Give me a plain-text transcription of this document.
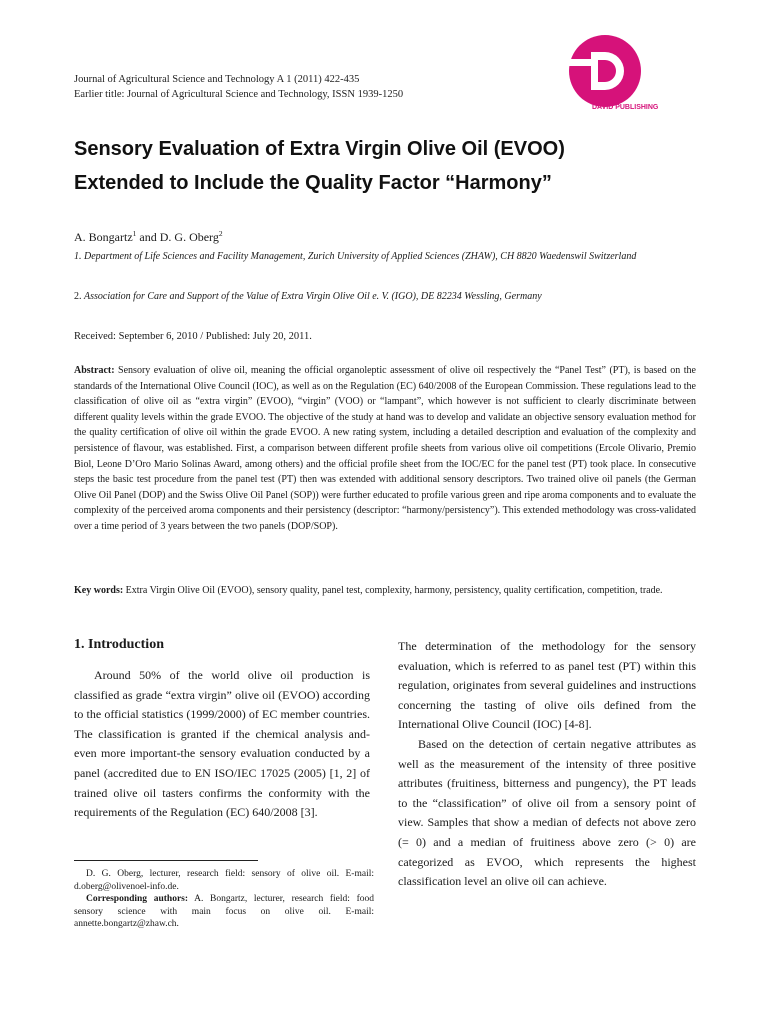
Journal of Agricultural Science and Technology A 1 (2011) 422-435
Earlier title: Journal of Agricultural Science and Technology, ISSN 1939-1250
DAVID PUBLISHING
Sensory Evaluation of Extra Virgin Olive Oil (EVOO)
Extended to Include the Quality Factor “Harmony”
A. Bongartz$^1$ and D. G. Oberg$^2$
1. Department of Life Sciences and Facility Management, Zurich University of Applied Sciences (ZHAW), CH 8820 Waedenswil Switzerland
2. Association for Care and Support of the Value of Extra Virgin Olive Oil e. V. (IGO), DE 82234 Wessling, Germany
Received: September 6, 2010 / Published: July 20, 2011.
Abstract: Sensory evaluation of olive oil, meaning the official organoleptic assessment of olive oil respectively the “Panel Test” (PT), is based on the standards of the International Olive Council (IOC), as well as on the Regulation (EC) 640/2008 of the European Commission. These regulations lead to the classification of olive oil as “extra virgin” (EVOO), “virgin” (VOO) or “lampant”, which however is not sufficient to clearly discriminate between different quality levels within the grade EVOO. The objective of the study at hand was to develop and validate an objective sensory evaluation method for the quality certification of olive oil within the grade EVOO. A new rating system, including a detailed description and evaluation of the complexity and persistence of flavour, was established. First, a comparison between different profile sheets from various olive oil competitions (Ercole Olivario, Premio Biol, Leone D’Oro Mario Solinas Award, among others) and the official profile sheet from the IOC/EC for the panel test (PT) took place. In consecutive steps the basic test procedure from the panel test (PT) then was extended with additional sensory descriptors. Two trained olive oil panels (the German Olive Oil Panel (DOP) and the Swiss Olive Oil Panel (SOP)) were further educated to profile various green and ripe aroma components and to evaluate the complexity of the perceived aroma components and their persistency (descriptor: “harmony/persistency”). This extended methodology was cross-validated over a time period of 3 years between the two panels (DOP/SOP).
Key words: Extra Virgin Olive Oil (EVOO), sensory quality, panel test, complexity, harmony, persistency, quality certification, competition, trade.
1. Introduction

Around 50% of the world olive oil production is classified as grade “extra virgin” olive oil (EVOO) according to the official statistics (1999/2000) of EC member countries. The classification is granted if the chemical analysis and-even more important-the sensory evaluation conducted by a panel (accredited due to EN ISO/IEC 17025 (2005) [1, 2] of trained olive oil tasters confirms the conformity with the requirements of the Regulation (EC) 640/2008 [3].

D. G. Oberg, lecturer, research field: sensory of olive oil. E-mail: d.oberg@olivenoel-info.de.

Corresponding authors: A. Bongartz, lecturer, research field: food sensory science with main focus on olive oil. E-mail: annette.bongartz@zhaw.ch.

The determination of the methodology for the sensory evaluation, which is referred to as panel test (PT) within this regulation, originates from several guidelines and instructions concerning the tasting of olive oils defined from the International Olive Council (IOC) [4-8].

Based on the detection of certain negative attributes as well as the measurement of the intensity of three positive attributes (fruitiness, bitterness and pungency), the PT leads to the “classification” of olive oil from a sensory point of view. Samples that show a median of defects not above zero (= 0) and a median of fruitiness above zero (> 0) are categorized as EVOO, which represents the highest classification level an olive oil can achieve.
